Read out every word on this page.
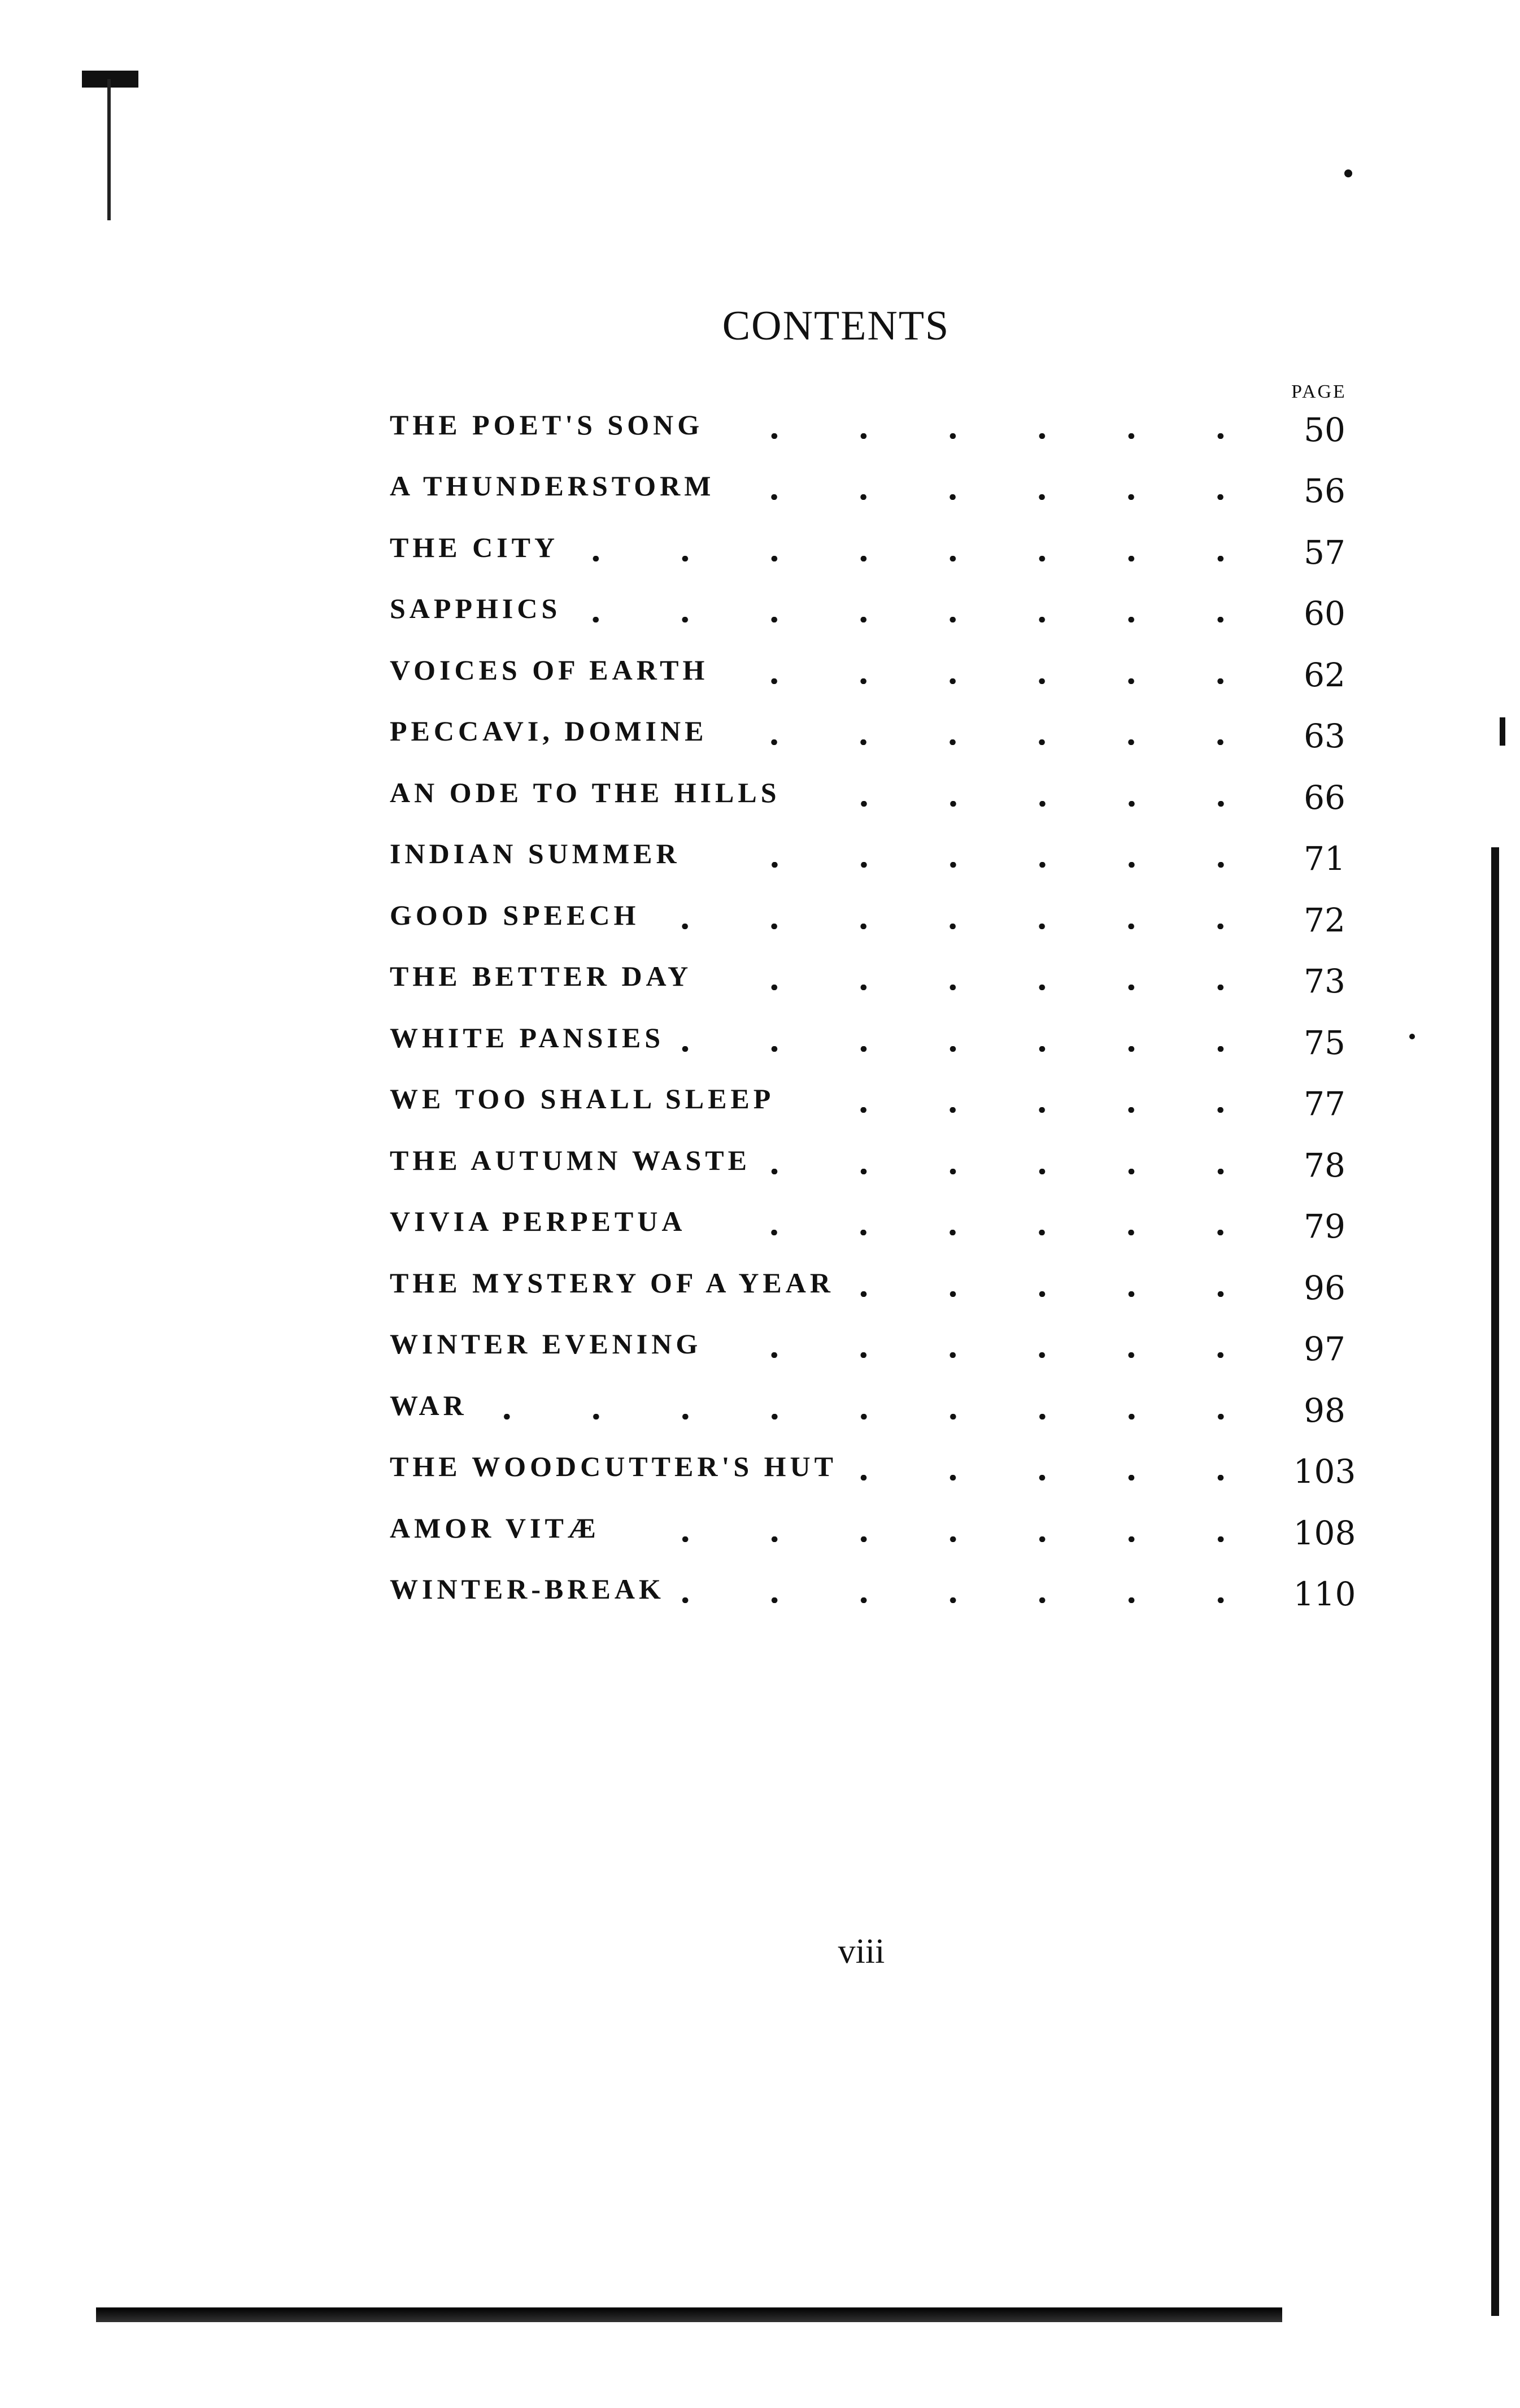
CONTENTS
PAGE
THE POET'S SONG	50
A THUNDERSTORM	56
THE CITY	57
SAPPHICS	60
VOICES OF EARTH	62
PECCAVI, DOMINE	63
AN ODE TO THE HILLS	66
INDIAN SUMMER	71
GOOD SPEECH	72
THE BETTER DAY	73
WHITE PANSIES	75
WE TOO SHALL SLEEP	77
THE AUTUMN WASTE	78
VIVIA PERPETUA	79
THE MYSTERY OF A YEAR	96
WINTER EVENING	97
WAR	98
THE WOODCUTTER'S HUT	103
AMOR VITÆ	108
WINTER-BREAK	110
viii
